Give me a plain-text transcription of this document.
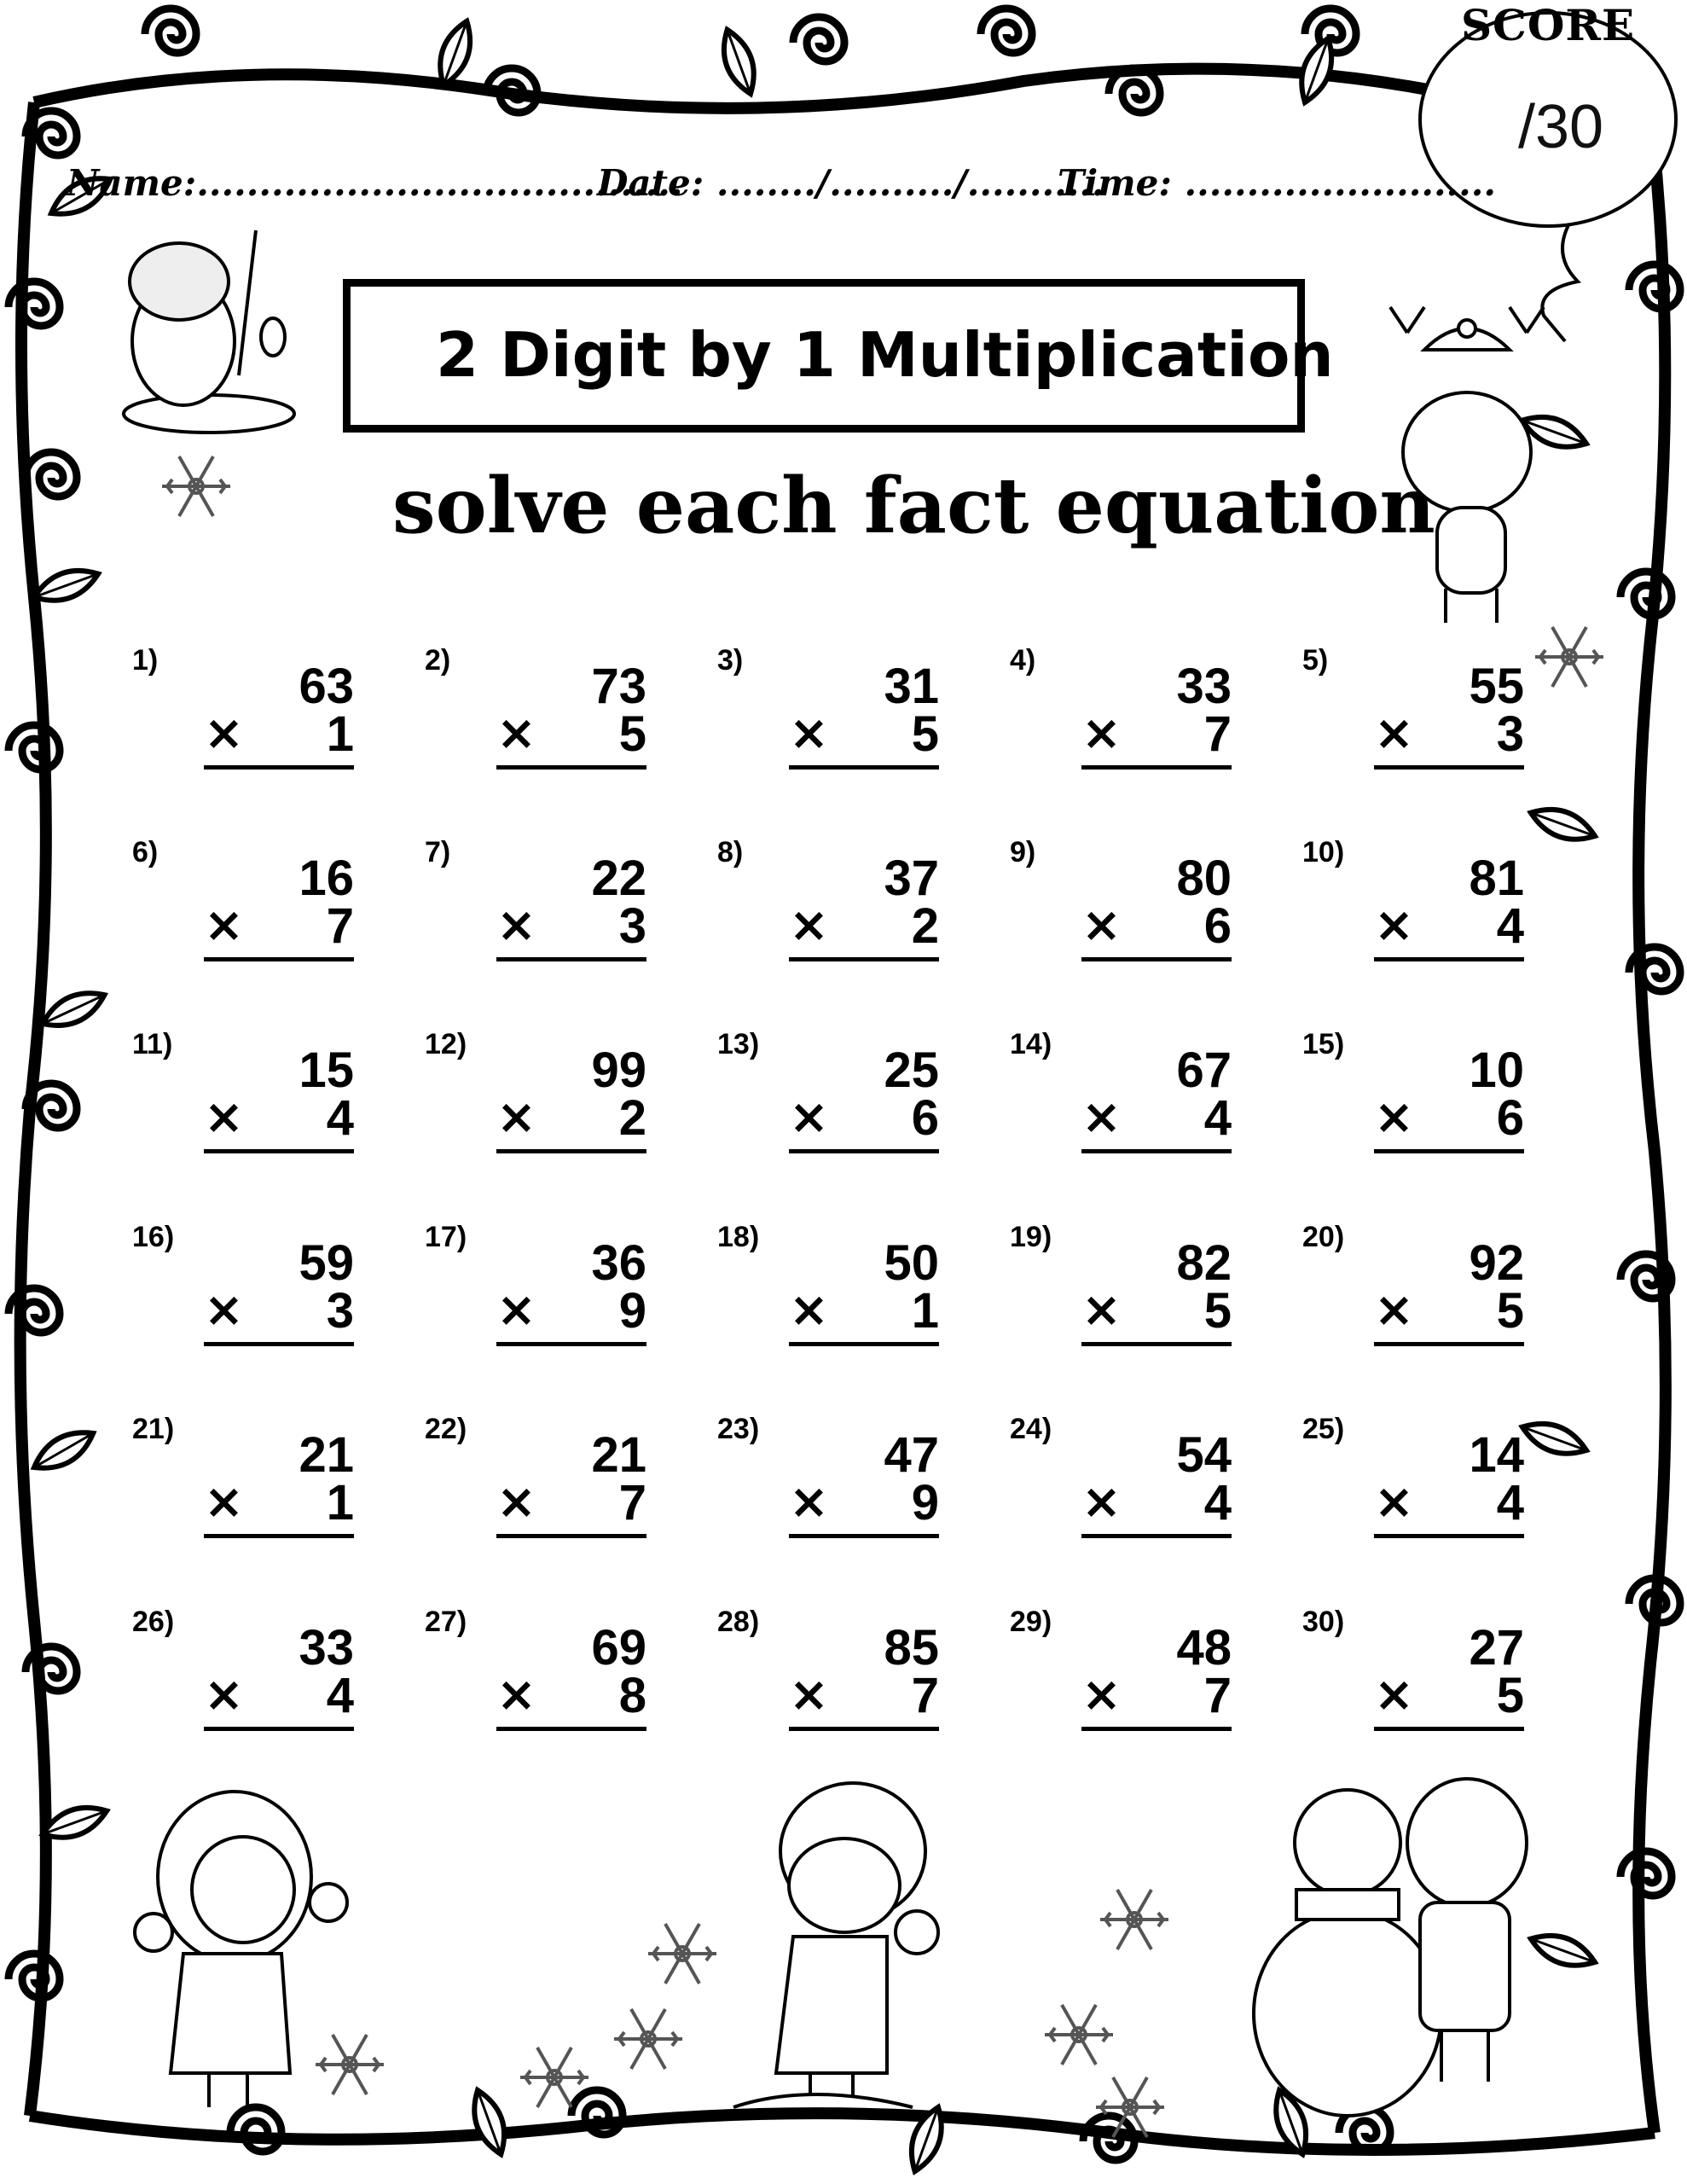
SCORE
/30
Name:.......................................
Date: ......../........../...........
Time: .........................
2 Digit by 1 Multiplication
solve each fact equation
1)	63
× 1
2)	73
× 5
3)	31
× 5
4)	33
× 7
5)	55
× 3
6)	16
× 7
7)	22
× 3
8)	37
× 2
9)	80
× 6
10)	81
× 4
11)	15
× 4
12)	99
× 2
13)	25
× 6
14)	67
× 4
15)	10
× 6
16)	59
× 3
17)	36
× 9
18)	50
× 1
19)	82
× 5
20)	92
× 5
21)	21
× 1
22)	21
× 7
23)	47
× 9
24)	54
× 4
25)	14
× 4
26)	33
× 4
27)	69
× 8
28)	85
× 7
29)	48
× 7
30)	27
× 5
